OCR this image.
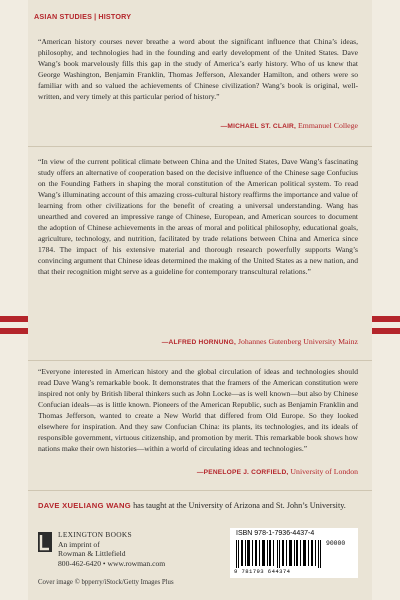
ASIAN STUDIES | HISTORY

“American history courses never breathe a word about the significant influence that China’s ideas, philosophy, and technologies had in the founding and early development of the United States. Dave Wang’s book marvelously fills this gap in the study of America’s early history. Who of us knew that George Washington, Benjamin Franklin, Thomas Jefferson, Alexander Hamilton, and others were so familiar with and so valued the achievements of Chinese civilization? Wang’s book is original, well-written, and very timely at this particular period of history.”

—MICHAEL ST. CLAIR, Emmanuel College

“In view of the current political climate between China and the United States, Dave Wang’s fascinating study offers an alternative of cooperation based on the decisive influence of the Chinese sage Confucius on the Founding Fathers in shaping the moral constitution of the American political system. To read Wang’s illuminating account of this amazing cross-cultural history reaffirms the importance and value of learning from other civilizations for the benefit of creating a universal understanding. Wang has unearthed and covered an impressive range of Chinese, European, and American sources to document the adoption of Chinese achievements in the areas of moral and political philosophy, educational goals, agriculture, technology, and nutrition, facilitated by trade relations between China and America since 1784. The impact of his extensive material and thorough research powerfully supports Wang’s convincing argument that Chinese ideas determined the making of the United States as a new nation, and that their recognition might serve as a guideline for contemporary transcultural relations.”

—ALFRED HORNUNG, Johannes Gutenberg University Mainz

“Everyone interested in American history and the global circulation of ideas and technologies should read Dave Wang’s remarkable book. It demonstrates that the framers of the American constitution were inspired not only by British liberal thinkers such as John Locke—as is well known—but also by Chinese Confucian ideals—as is little known. Pioneers of the American Republic, such as Benjamin Franklin and Thomas Jefferson, wanted to create a New World that differed from Old Europe. So they looked elsewhere for inspiration. And they saw Confucian China: its plants, its technologies, and its ideals of responsible government, virtuous citizenship, and promotion by merit. This remarkable book shows how nations make their own histories—within a world of circulating ideas and technologies.”

—PENELOPE J. CORFIELD, University of London

DAVE XUELIANG WANG has taught at the University of Arizona and St. John’s University.

LEXINGTON BOOKS
An imprint of
Rowman & Littlefield
800-462-6420 • www.rowman.com
ISBN 978-1-7936-4437-4
90000
9 781793 644374
Cover image © bpperry/iStock/Getty Images Plus
